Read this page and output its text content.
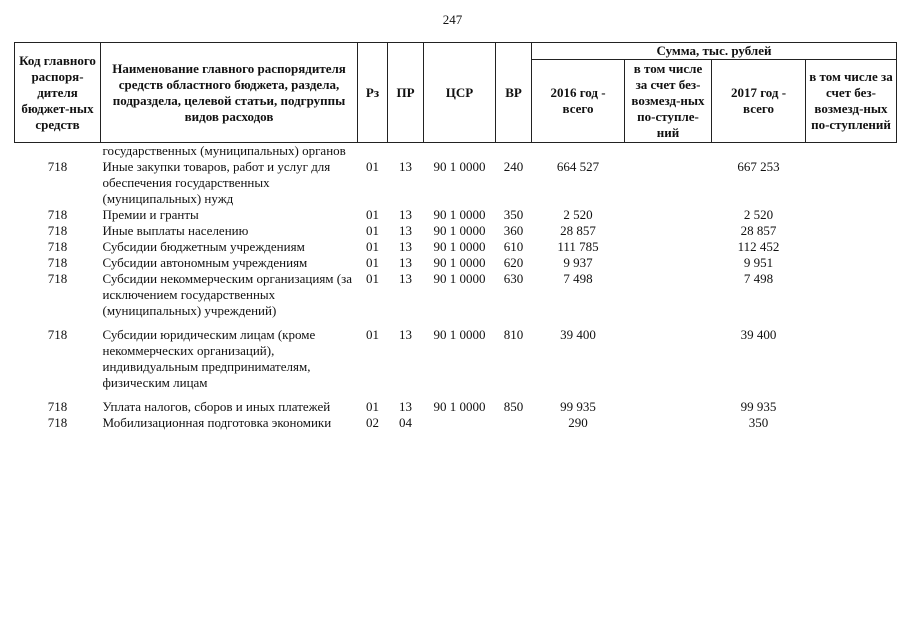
247
Код главного распоря-дителя бюджет-ных средств	Наименование главного распорядителя средств областного бюджета, раздела, подраздела, целевой статьи, подгруппы видов расходов	Рз	ПР	ЦСР	ВР	Сумма, тыс. рублей			
						2016 год - всего	в том числе за счет без-возмезд-ных по-ступле-ний	2017 год - всего	в том числе за счет без-возмезд-ных по-ступлений
	государственных (муниципальных) органов								
718	Иные закупки товаров, работ и услуг для обеспечения государственных (муниципальных) нужд	01	13	90 1 0000	240	664 527		667 253	
718	Премии и гранты	01	13	90 1 0000	350	2 520		2 520	
718	Иные выплаты населению	01	13	90 1 0000	360	28 857		28 857	
718	Субсидии бюджетным учреждениям	01	13	90 1 0000	610	111 785		112 452	
718	Субсидии автономным учреждениям	01	13	90 1 0000	620	9 937		9 951	
718	Субсидии некоммерческим организациям (за исключением государственных (муниципальных) учреждений)	01	13	90 1 0000	630	7 498		7 498	

718	Субсидии юридическим лицам (кроме некоммерческих организаций), индивидуальным предпринимателям, физическим лицам	01	13	90 1 0000	810	39 400		39 400	

718	Уплата налогов, сборов и иных платежей	01	13	90 1 0000	850	99 935		99 935	
718	Мобилизационная подготовка экономики	02	04			290		350	
